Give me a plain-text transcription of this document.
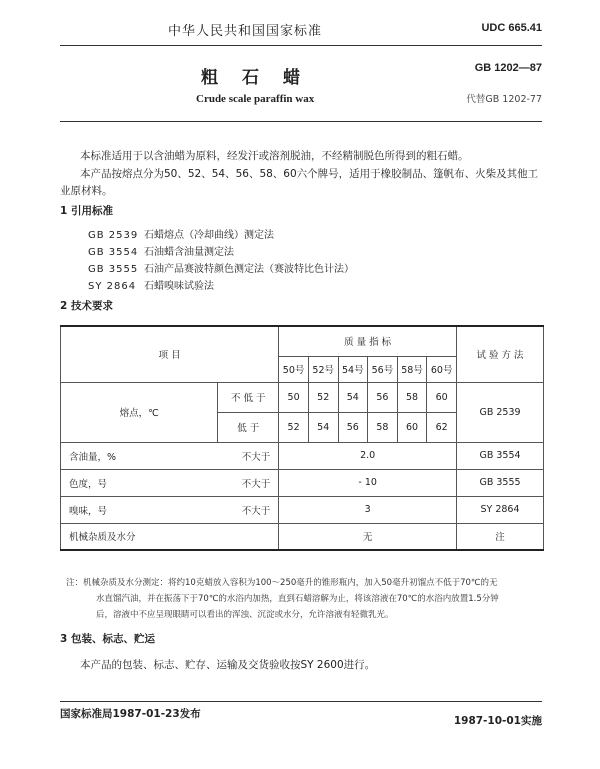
中华人民共和国国家标准	UDC 665.41
GB 1202—87
粗石蜡
Crude scale paraffin wax	代替GB 1202-77
本标准适用于以含油蜡为原料，经发汗或溶剂脱油，不经精制脱色所得到的粗石蜡。
本产品按熔点分为50、52、54、56、58、60六个牌号，适用于橡胶制品、篷帆布、火柴及其他工业原材料。
1 引用标准
GB 2539 石蜡熔点（冷却曲线）测定法
GB 3554 石油蜡含油量测定法
GB 3555 石油产品赛波特颜色测定法（赛波特比色计法）
SY 2864 石蜡嗅味试验法
2 技术要求
项 目		质 量 指 标						试 验 方 法
		50号	52号	54号	56号	58号	60号	
熔点，℃	不 低 于	50	52	54	56	58	60	GB 2539
	低 于	52	54	56	58	60	62	
含油量，%	不大于	2.0						GB 3554
色度，号	不大于	- 10						GB 3555
嗅味，号	不大于	3						SY 2864
机械杂质及水分		无						注
注：机械杂质及水分测定：将约10克蜡放入容积为100～250毫升的锥形瓶内，加入50毫升初馏点不低于70℃的无
水直馏汽油，并在振荡下于70℃的水浴内加热，直到石蜡溶解为止，将该溶液在70℃的水浴内放置1.5分钟
后，溶液中不应呈现眼睛可以看出的浑浊、沉淀或水分，允许溶液有轻微乳光。
3 包装、标志、贮运
本产品的包装、标志、贮存、运输及交货验收按SY 2600进行。
国家标准局1987-01-23发布
1987-10-01实施
